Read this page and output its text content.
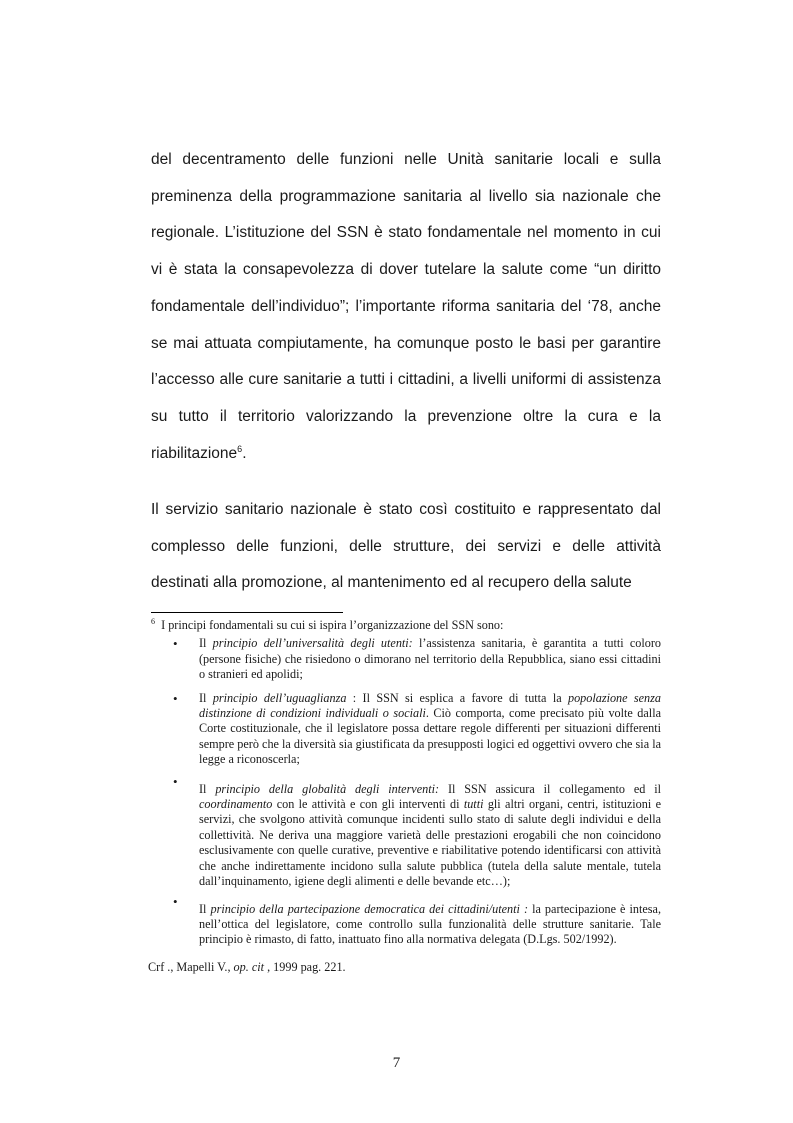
del decentramento delle funzioni nelle Unità sanitarie locali e sulla preminenza della programmazione sanitaria al livello sia nazionale che regionale. L’istituzione del SSN è stato fondamentale nel momento in cui vi è stata la consapevolezza di dover tutelare la salute come “un diritto fondamentale dell’individuo”; l’importante riforma sanitaria del ‘78, anche se mai attuata compiutamente, ha comunque posto le basi per garantire l’accesso alle cure sanitarie a tutti i cittadini, a livelli uniformi di assistenza su tutto il territorio valorizzando la prevenzione oltre la cura e la riabilitazione$^6$.

Il servizio sanitario nazionale è stato così costituito e rappresentato dal complesso delle funzioni, delle strutture, dei servizi e delle attività destinati alla promozione, al mantenimento ed al recupero della salute

$^6$ I principi fondamentali su cui si ispira l’organizzazione del SSN sono:

• Il principio dell’universalità degli utenti: l’assistenza sanitaria, è garantita a tutti coloro (persone fisiche) che risiedono o dimorano nel territorio della Repubblica, siano essi cittadini o stranieri ed apolidi;
• Il principio dell’uguaglianza : Il SSN si esplica a favore di tutta la popolazione senza distinzione di condizioni individuali o sociali. Ciò comporta, come precisato più volte dalla Corte costituzionale, che il legislatore possa dettare regole differenti per situazioni differenti sempre però che la diversità sia giustificata da presupposti logici ed oggettivi ovvero che sia la legge a riconoscerla;
• Il principio della globalità degli interventi: Il SSN assicura il collegamento ed il coordinamento con le attività e con gli interventi di tutti gli altri organi, centri, istituzioni e servizi, che svolgono attività comunque incidenti sullo stato di salute degli individui e della collettività. Ne deriva una maggiore varietà delle prestazioni erogabili che non coincidono esclusivamente con quelle curative, preventive e riabilitative potendo identificarsi con attività che anche indirettamente incidono sulla salute pubblica (tutela della salute mentale, tutela dall’inquinamento, igiene degli alimenti e delle bevande etc…);
• Il principio della partecipazione democratica dei cittadini/utenti : la partecipazione è intesa, nell’ottica del legislatore, come controllo sulla funzionalità delle strutture sanitarie. Tale principio è rimasto, di fatto, inattuato fino alla normativa delegata (D.Lgs. 502/1992).

Crf ., Mapelli V., op. cit , 1999 pag. 221.

7
